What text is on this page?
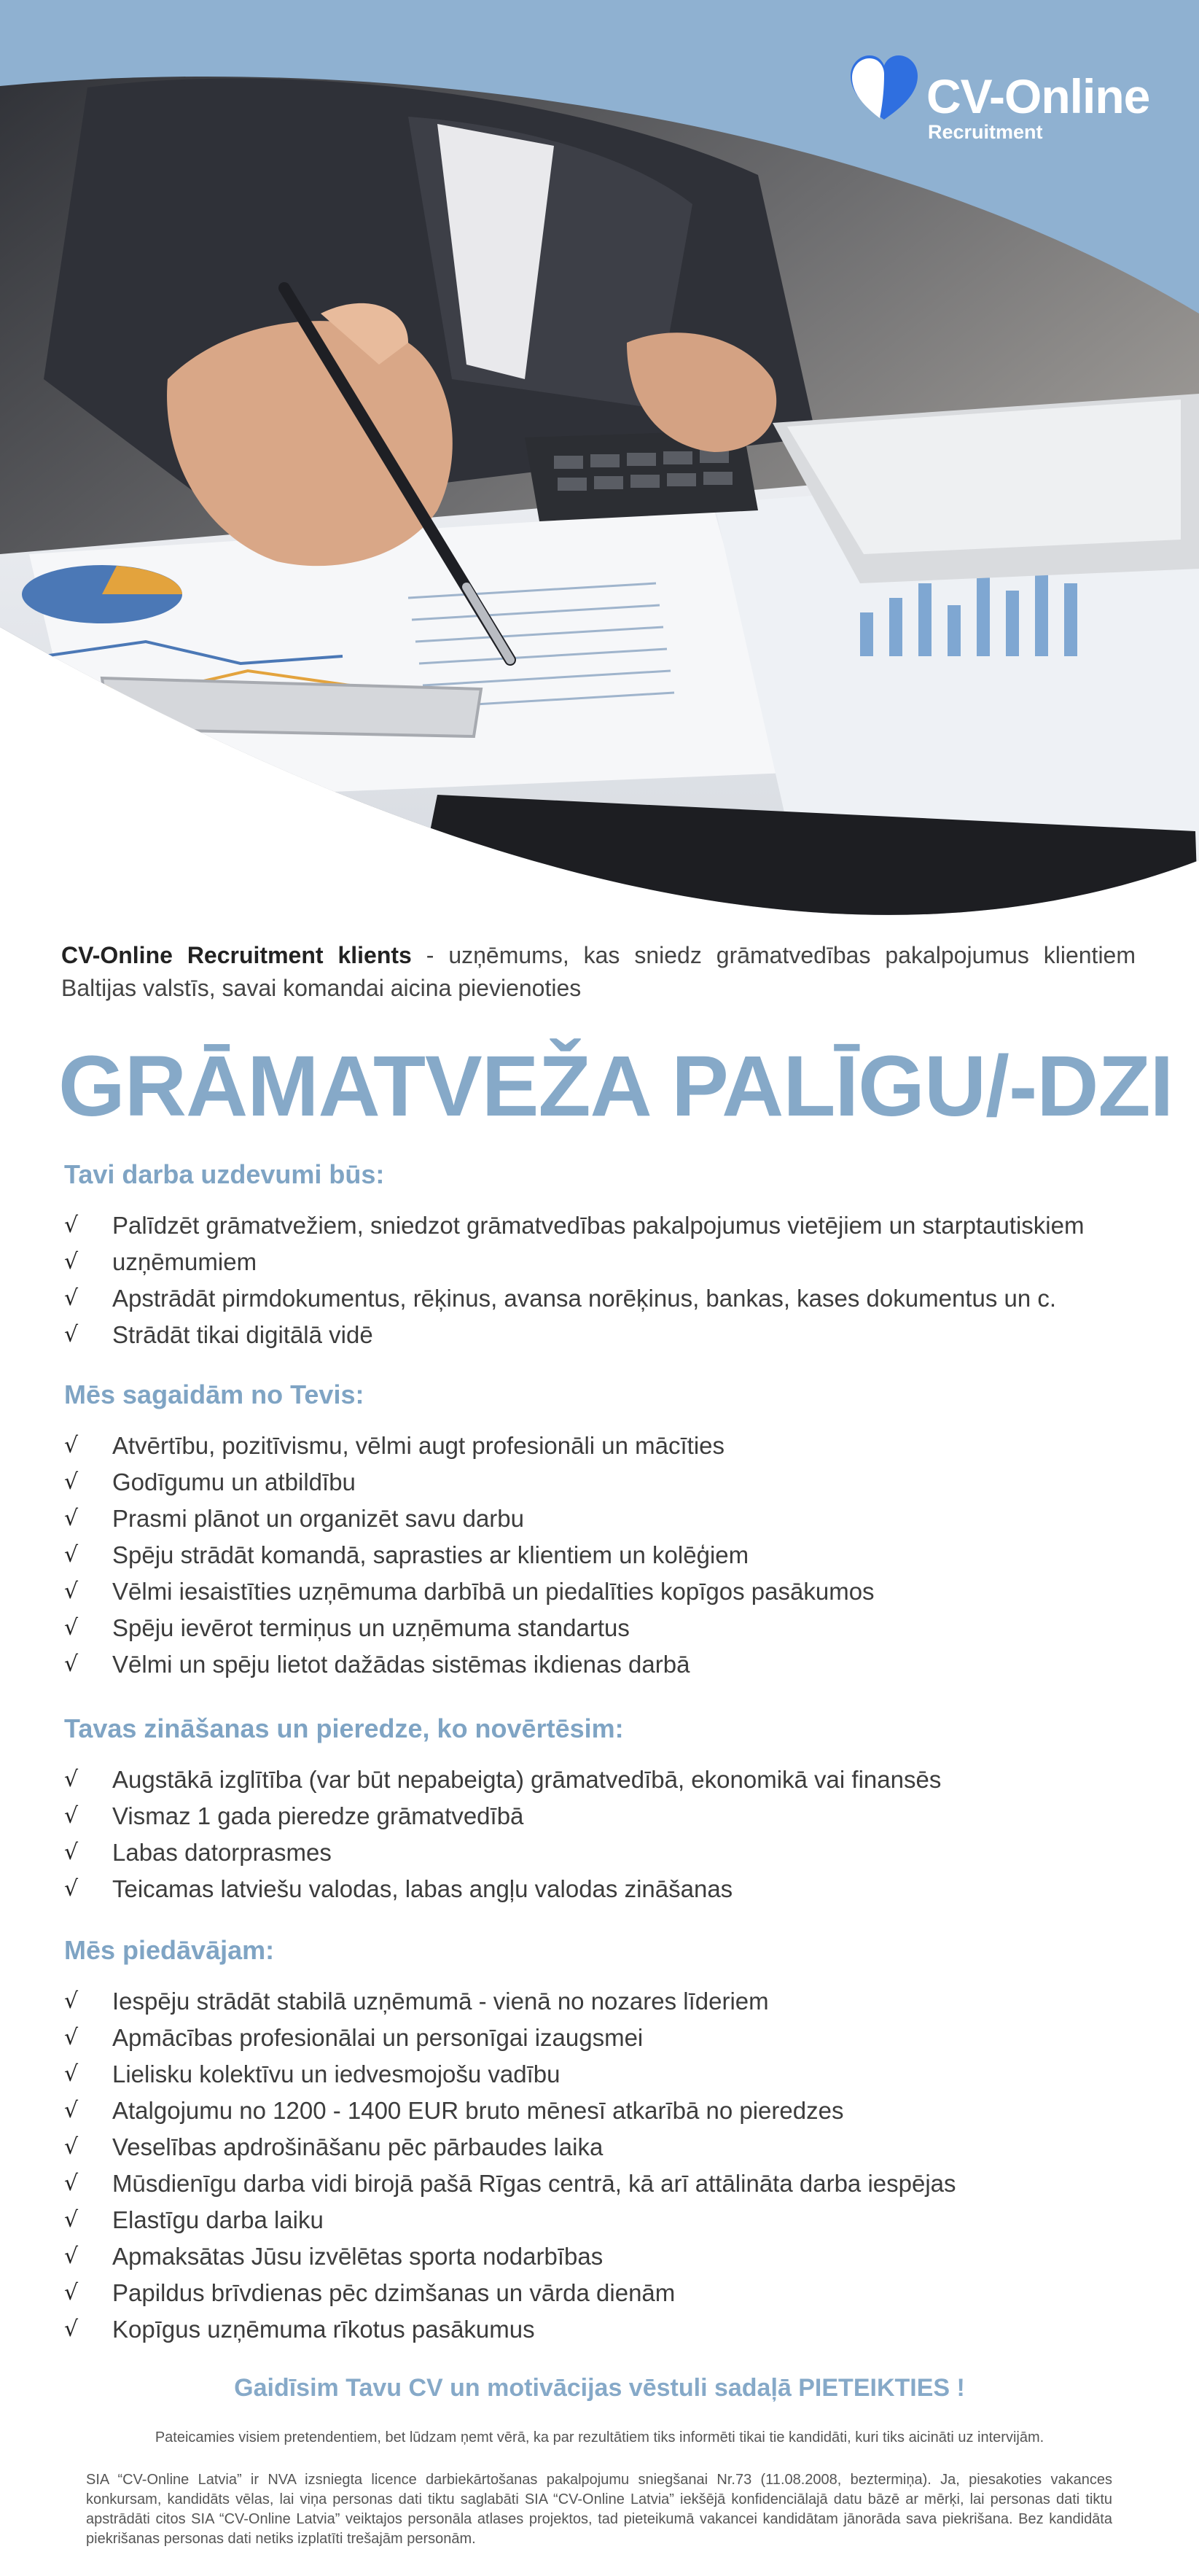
CV-Online
Recruitment
CV-Online Recruitment klients - uzņēmums, kas sniedz grāmatvedības pakalpojumus klientiem Baltijas valstīs, savai komandai aicina pievienoties
GRĀMATVEŽA PALĪGU/-DZI
Tavi darba uzdevumi būs:
√ Palīdzēt grāmatvežiem, sniedzot grāmatvedības pakalpojumus vietējiem un starptautiskiem
√ uzņēmumiem
√ Apstrādāt pirmdokumentus, rēķinus, avansa norēķinus, bankas, kases dokumentus un c.
√ Strādāt tikai digitālā vidē
Mēs sagaidām no Tevis:
√ Atvērtību, pozitīvismu, vēlmi augt profesionāli un mācīties
√ Godīgumu un atbildību
√ Prasmi plānot un organizēt savu darbu
√ Spēju strādāt komandā, saprasties ar klientiem un kolēģiem
√ Vēlmi iesaistīties uzņēmuma darbībā un piedalīties kopīgos pasākumos
√ Spēju ievērot termiņus un uzņēmuma standartus
√ Vēlmi un spēju lietot dažādas sistēmas ikdienas darbā
Tavas zināšanas un pieredze, ko novērtēsim:
√ Augstākā izglītība (var būt nepabeigta) grāmatvedībā, ekonomikā vai finansēs
√ Vismaz 1 gada pieredze grāmatvedībā
√ Labas datorprasmes
√ Teicamas latviešu valodas, labas angļu valodas zināšanas
Mēs piedāvājam:
√ Iespēju strādāt stabilā uzņēmumā - vienā no nozares līderiem
√ Apmācības profesionālai un personīgai izaugsmei
√ Lielisku kolektīvu un iedvesmojošu vadību
√ Atalgojumu no 1200 - 1400 EUR bruto mēnesī atkarībā no pieredzes
√ Veselības apdrošināšanu pēc pārbaudes laika
√ Mūsdienīgu darba vidi birojā pašā Rīgas centrā, kā arī attālināta darba iespējas
√ Elastīgu darba laiku
√ Apmaksātas Jūsu izvēlētas sporta nodarbības
√ Papildus brīvdienas pēc dzimšanas un vārda dienām
√ Kopīgus uzņēmuma rīkotus pasākumus
Gaidīsim Tavu CV un motivācijas vēstuli sadaļā PIETEIKTIES !
Pateicamies visiem pretendentiem, bet lūdzam ņemt vērā, ka par rezultātiem tiks informēti tikai tie kandidāti, kuri tiks aicināti uz intervijām.
SIA “CV-Online Latvia” ir NVA izsniegta licence darbiekārtošanas pakalpojumu sniegšanai Nr.73 (11.08.2008, beztermiņa). Ja, piesakoties vakances konkursam, kandidāts vēlas, lai viņa personas dati tiktu saglabāti SIA “CV-Online Latvia” iekšējā konfidenciālajā datu bāzē ar mērķi, lai personas dati tiktu apstrādāti citos SIA “CV-Online Latvia” veiktajos personāla atlases projektos, tad pieteikumā vakancei kandidātam jānorāda sava piekrišana. Bez kandidāta piekrišanas personas dati netiks izplatīti trešajām personām.
